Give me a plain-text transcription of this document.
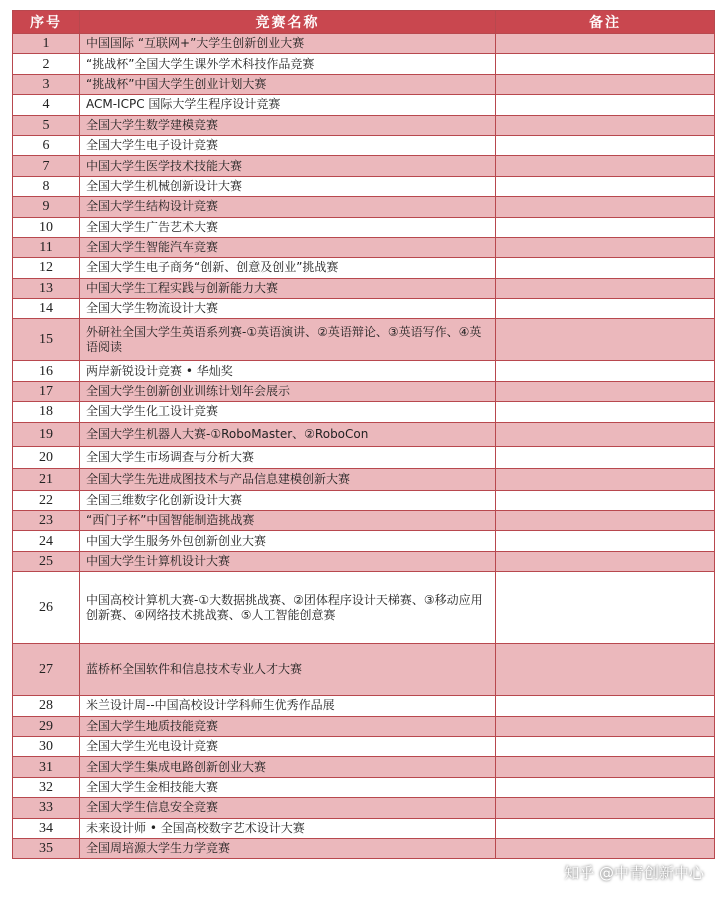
序号	竞赛名称	备注
1	中国国际 “互联网+”大学生创新创业大赛	
2	“挑战杯”全国大学生课外学术科技作品竞赛	
3	“挑战杯”中国大学生创业计划大赛	
4	ACM-ICPC 国际大学生程序设计竞赛	
5	全国大学生数学建模竞赛	
6	全国大学生电子设计竞赛	
7	中国大学生医学技术技能大赛	
8	全国大学生机械创新设计大赛	
9	全国大学生结构设计竞赛	
10	全国大学生广告艺术大赛	
11	全国大学生智能汽车竞赛	
12	全国大学生电子商务“创新、创意及创业”挑战赛	
13	中国大学生工程实践与创新能力大赛	
14	全国大学生物流设计大赛	
15	外研社全国大学生英语系列赛-①英语演讲、②英语辩论、③英语写作、④英语阅读	
16	两岸新锐设计竞赛 • 华灿奖	
17	全国大学生创新创业训练计划年会展示	
18	全国大学生化工设计竞赛	
19	全国大学生机器人大赛-①RoboMaster、②RoboCon	
20	全国大学生市场调查与分析大赛	
21	全国大学生先进成图技术与产品信息建模创新大赛	
22	全国三维数字化创新设计大赛	
23	“西门子杯”中国智能制造挑战赛	
24	中国大学生服务外包创新创业大赛	
25	中国大学生计算机设计大赛	
26	中国高校计算机大赛-①大数据挑战赛、②团体程序设计天梯赛、③移动应用创新赛、④网络技术挑战赛、⑤人工智能创意赛	
27	蓝桥杯全国软件和信息技术专业人才大赛	
28	米兰设计周--中国高校设计学科师生优秀作品展	
29	全国大学生地质技能竞赛	
30	全国大学生光电设计竞赛	
31	全国大学生集成电路创新创业大赛	
32	全国大学生金相技能大赛	
33	全国大学生信息安全竞赛	
34	未来设计师 • 全国高校数字艺术设计大赛	
35	全国周培源大学生力学竞赛	
知乎 @中青创新中心
